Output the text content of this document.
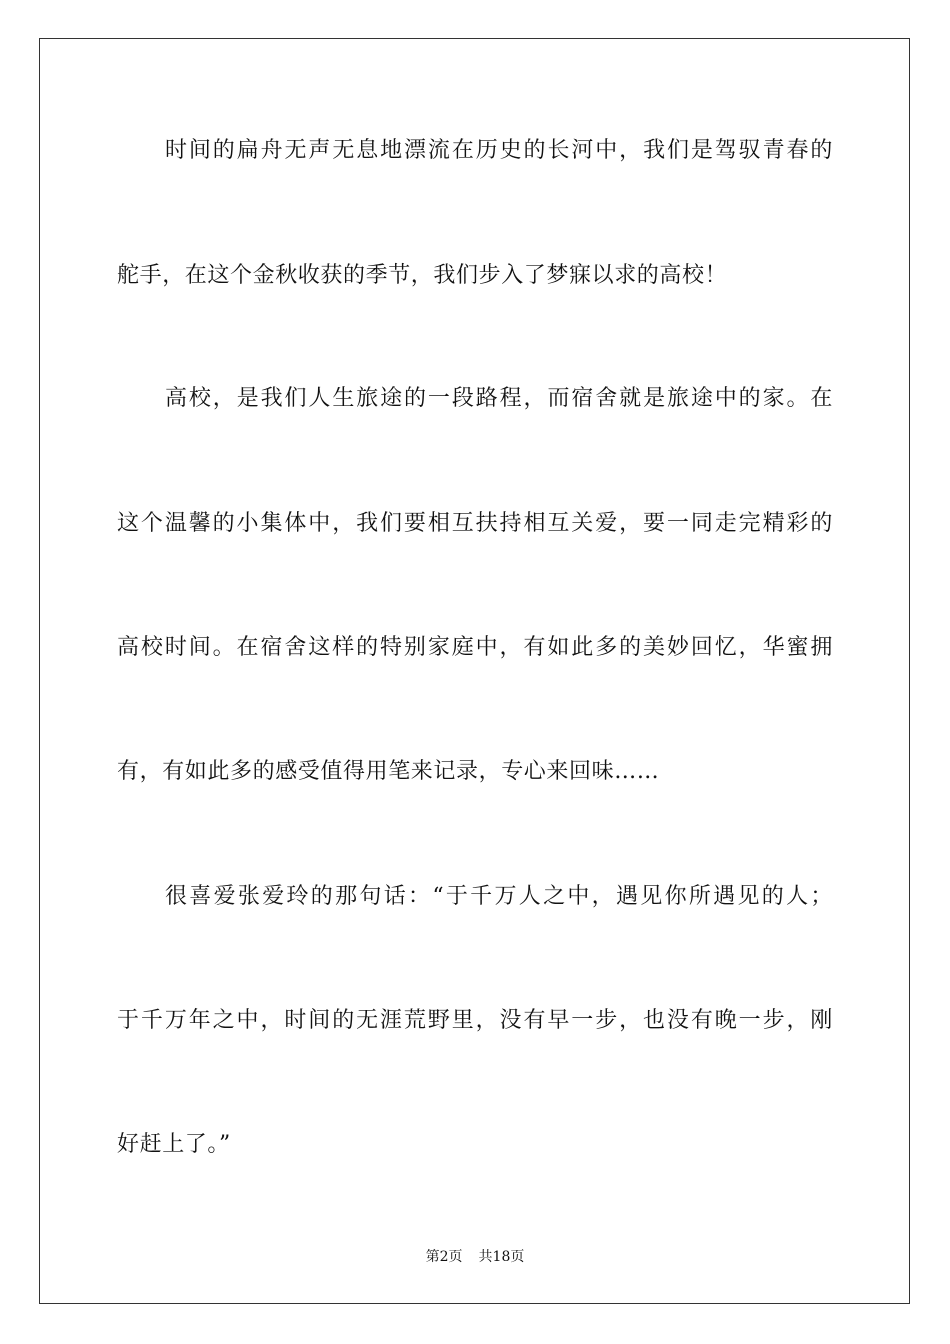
时间的扁舟无声无息地漂流在历史的长河中，我们是驾驭青春的
舵手，在这个金秋收获的季节，我们步入了梦寐以求的高校！
高校，是我们人生旅途的一段路程，而宿舍就是旅途中的家。在
这个温馨的小集体中，我们要相互扶持相互关爱，要一同走完精彩的
高校时间。在宿舍这样的特别家庭中，有如此多的美妙回忆，华蜜拥
有，有如此多的感受值得用笔来记录，专心来回味……
很喜爱张爱玲的那句话：“于千万人之中，遇见你所遇见的人；
于千万年之中，时间的无涯荒野里，没有早一步，也没有晚一步，刚
好赶上了。”
第2页 共18页
